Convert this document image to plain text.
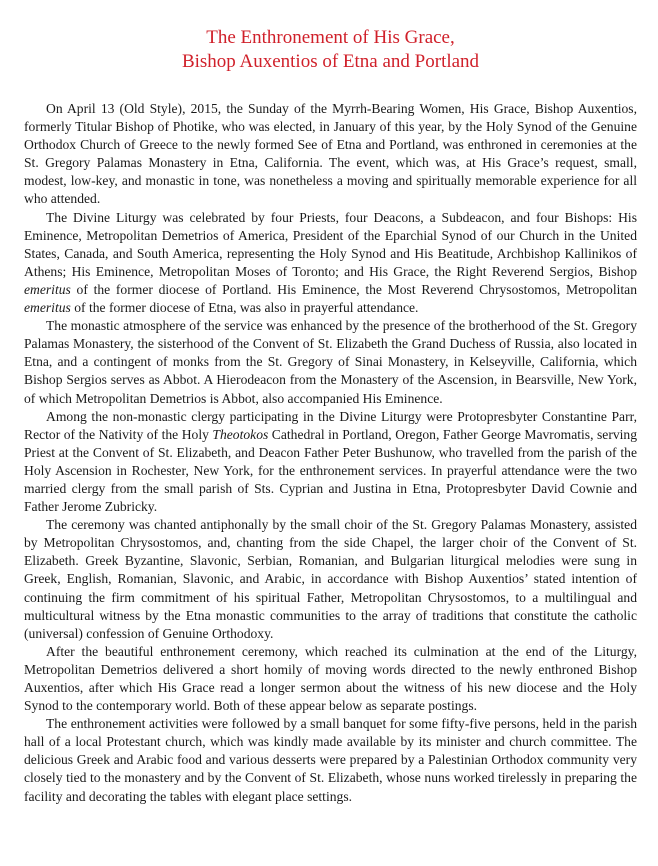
The Enthronement of His Grace,
Bishop Auxentios of Etna and Portland

On April 13 (Old Style), 2015, the Sunday of the Myrrh-Bearing Women, His Grace, Bishop Auxentios, formerly Titular Bishop of Photike, who was elected, in January of this year, by the Holy Synod of the Genuine Orthodox Church of Greece to the newly formed See of Etna and Portland, was enthroned in ceremonies at the St. Gregory Palamas Monastery in Etna, California. The event, which was, at His Grace’s request, small, modest, low-key, and monastic in tone, was nonetheless a moving and spiritually memorable experience for all who attended.

The Divine Liturgy was celebrated by four Priests, four Deacons, a Subdeacon, and four Bishops: His Eminence, Metropolitan Demetrios of America, President of the Eparchial Synod of our Church in the United States, Canada, and South America, representing the Holy Synod and His Beatitude, Archbishop Kallinikos of Athens; His Eminence, Metropolitan Moses of Toronto; and His Grace, the Right Reverend Sergios, Bishop emeritus of the former diocese of Portland. His Eminence, the Most Reverend Chrysostomos, Metropolitan emeritus of the former diocese of Etna, was also in prayerful attendance.

The monastic atmosphere of the service was enhanced by the presence of the brotherhood of the St. Gregory Palamas Monastery, the sisterhood of the Convent of St. Elizabeth the Grand Duchess of Russia, also located in Etna, and a contingent of monks from the St. Gregory of Sinai Monastery, in Kelseyville, California, which Bishop Sergios serves as Abbot. A Hierodeacon from the Monastery of the Ascension, in Bearsville, New York, of which Metropolitan Demetrios is Abbot, also accompanied His Eminence.

Among the non-monastic clergy participating in the Divine Liturgy were Protopresbyter Constantine Parr, Rector of the Nativity of the Holy Theotokos Cathedral in Portland, Oregon, Father George Mavromatis, serving Priest at the Convent of St. Elizabeth, and Deacon Father Peter Bushunow, who travelled from the parish of the Holy Ascension in Rochester, New York, for the enthronement services. In prayerful attendance were the two married clergy from the small parish of Sts. Cyprian and Justina in Etna, Protopresbyter David Cownie and Father Jerome Zubricky.

The ceremony was chanted antiphonally by the small choir of the St. Gregory Palamas Monastery, assisted by Metropolitan Chrysostomos, and, chanting from the side Chapel, the larger choir of the Convent of St. Elizabeth. Greek Byzantine, Slavonic, Serbian, Romanian, and Bulgarian liturgical melodies were sung in Greek, English, Romanian, Slavonic, and Arabic, in accordance with Bishop Auxentios’ stated intention of continuing the firm commitment of his spiritual Father, Metropolitan Chrysostomos, to a multilingual and multicultural witness by the Etna monastic communities to the array of traditions that constitute the catholic (universal) confession of Genuine Orthodoxy.

After the beautiful enthronement ceremony, which reached its culmination at the end of the Liturgy, Metropolitan Demetrios delivered a short homily of moving words directed to the newly enthroned Bishop Auxentios, after which His Grace read a longer sermon about the witness of his new diocese and the Holy Synod to the contemporary world. Both of these appear below as separate postings.

The enthronement activities were followed by a small banquet for some fifty-five persons, held in the parish hall of a local Protestant church, which was kindly made available by its minister and church committee. The delicious Greek and Arabic food and various desserts were prepared by a Palestinian Orthodox community very closely tied to the monastery and by the Convent of St. Elizabeth, whose nuns worked tirelessly in preparing the facility and decorating the tables with elegant place settings.
